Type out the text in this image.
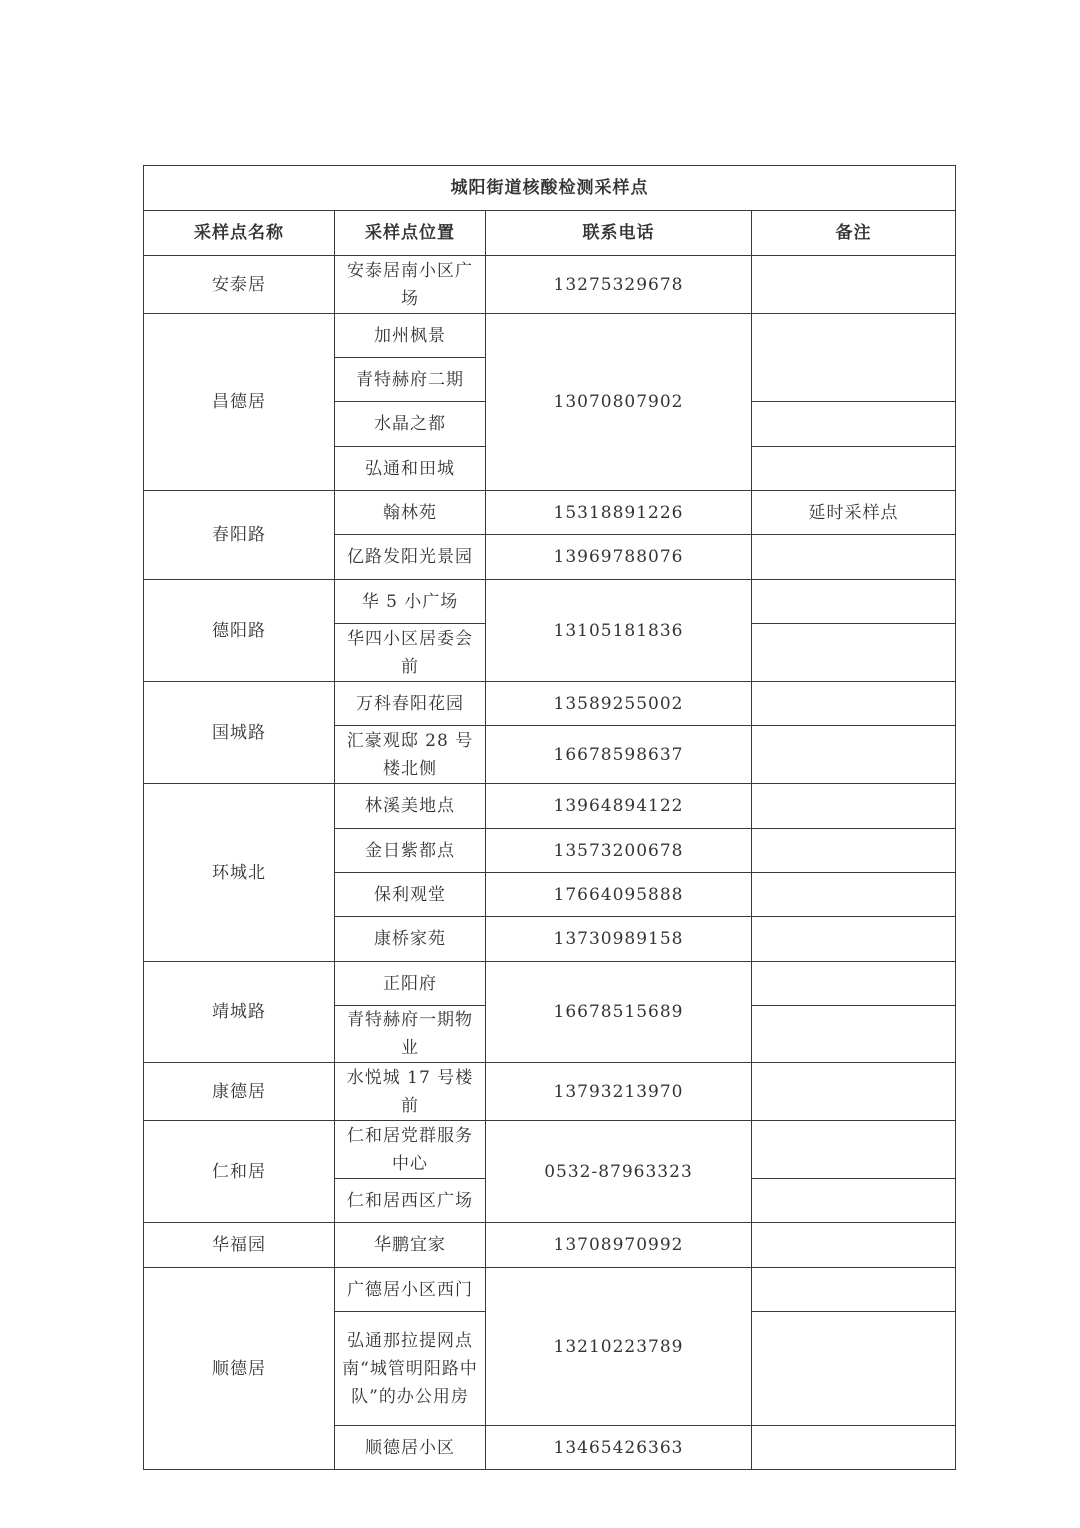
城阳街道核酸检测采样点			
采样点名称	采样点位置	联系电话	备注
安泰居	安泰居南小区广场	13275329678	
昌德居	加州枫景	13070807902	
	青特赫府二期		
	水晶之都		
	弘通和田城		
春阳路	翰林苑	15318891226	延时采样点
	亿路发阳光景园	13969788076	
德阳路	华 5 小广场	13105181836	
	华四小区居委会前		
国城路	万科春阳花园	13589255002	
	汇豪观邸 28 号楼北侧	16678598637	
环城北	林溪美地点	13964894122	
	金日紫都点	13573200678	
	保利观堂	17664095888	
	康桥家苑	13730989158	
靖城路	正阳府	16678515689	
	青特赫府一期物业		
康德居	水悦城 17 号楼前	13793213970	
仁和居	仁和居党群服务中心	0532-87963323	
	仁和居西区广场		
华福园	华鹏宜家	13708970992	
顺德居	广德居小区西门	13210223789	
	弘通那拉提网点南“城管明阳路中队”的办公用房		
	顺德居小区	13465426363	
